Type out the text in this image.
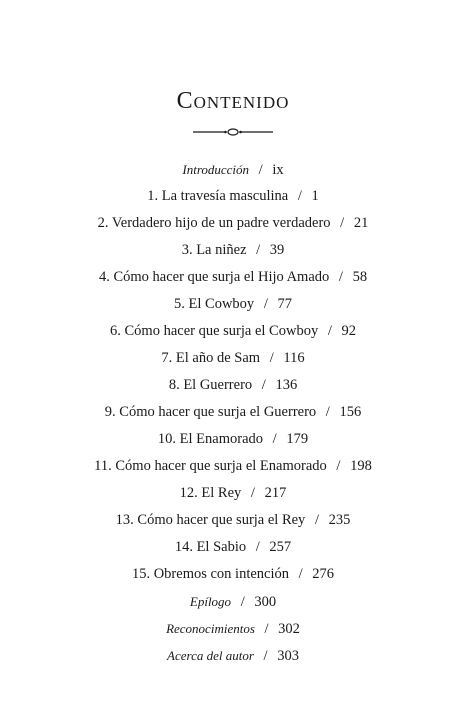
Contenido
Introducción / ix
1. La travesía masculina / 1
2. Verdadero hijo de un padre verdadero / 21
3. La niñez / 39
4. Cómo hacer que surja el Hijo Amado / 58
5. El Cowboy / 77
6. Cómo hacer que surja el Cowboy / 92
7. El año de Sam / 116
8. El Guerrero / 136
9. Cómo hacer que surja el Guerrero / 156
10. El Enamorado / 179
11. Cómo hacer que surja el Enamorado / 198
12. El Rey / 217
13. Cómo hacer que surja el Rey / 235
14. El Sabio / 257
15. Obremos con intención / 276
Epílogo / 300
Reconocimientos / 302
Acerca del autor / 303
